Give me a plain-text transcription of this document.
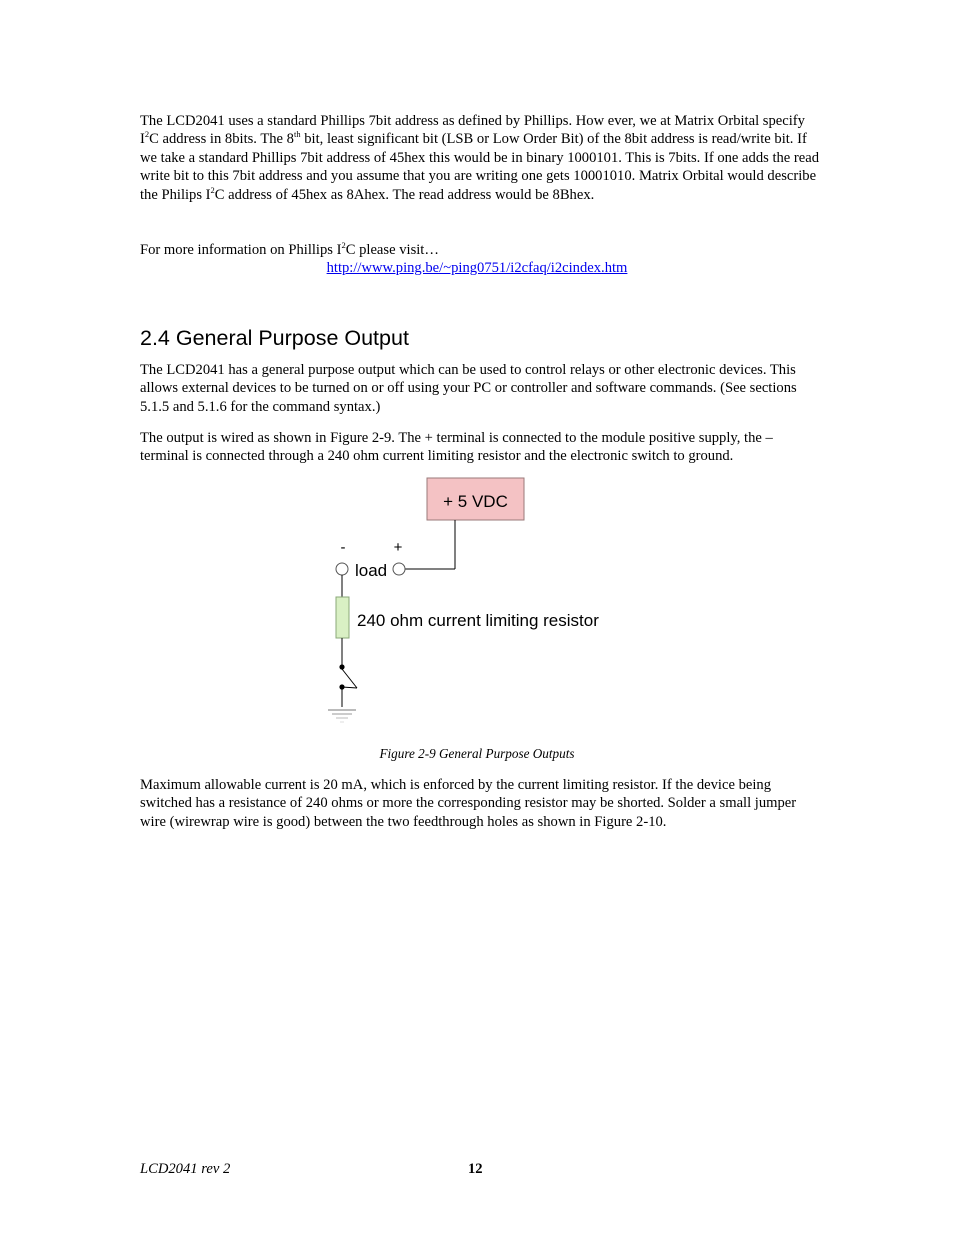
The LCD2041 uses a standard Phillips 7bit address as defined by Phillips. How ever, we at Matrix Orbital specify $I^2C$ address in 8bits. The 8th bit, least significant bit (LSB or Low Order Bit) of the 8bit address is read/write bit. If we take a standard Phillips 7bit address of 45hex this would be in binary 1000101. This is 7bits. If one adds the read write bit to this 7bit address and you assume that you are writing one gets 10001010. Matrix Orbital would describe the Philips $I^2C$ address of 45hex as 8Ahex. The read address would be 8Bhex.

For more information on Phillips $I^2C$ please visit…

http://www.ping.be/~ping0751/i2cfaq/i2cindex.htm
2.4 General Purpose Output

The LCD2041 has a general purpose output which can be used to control relays or other electronic devices. This allows external devices to be turned on or off using your PC or controller and software commands. (See sections 5.1.5 and 5.1.6 for the command syntax.)

The output is wired as shown in Figure 2-9. The + terminal is connected to the module positive supply, the – terminal is connected through a 240 ohm current limiting resistor and the electronic switch to ground.

+ 5 VDC
-	+
load
240 ohm current limiting resistor
Figure 2-9 General Purpose Outputs

Maximum allowable current is 20 mA, which is enforced by the current limiting resistor. If the device being switched has a resistance of 240 ohms or more the corresponding resistor may be shorted. Solder a small jumper wire (wirewrap wire is good) between the two feedthrough holes as shown in Figure 2-10.

LCD2041 rev 2	12
